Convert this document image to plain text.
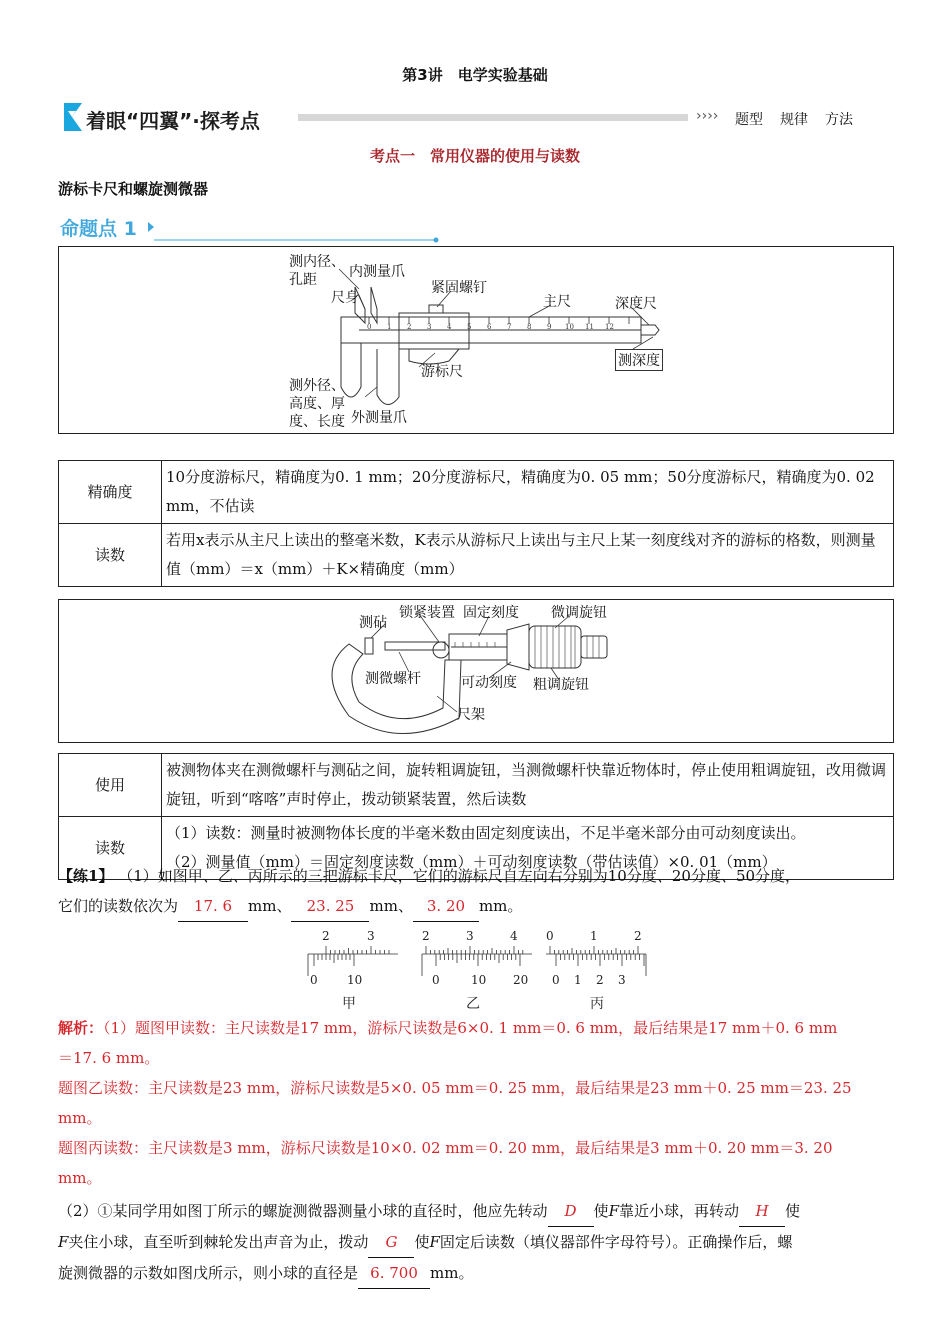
第3讲　电学实验基础
着眼“四翼”·探考点	›››› 题型 规律 方法
考点一　常用仪器的使用与读数
游标卡尺和螺旋测微器
命题点 1
0 1 2 3 4 5 6 7 8 9 10 11 12
测内径、
孔距 内测量爪
尺身
紧固螺钉
主尺	深度尺
游标尺
测深度
测外径、
高度、厚
度、长度 外测量爪
精确度	10分度游标尺，精确度为0. 1 mm；20分度游标尺，精确度为0. 05 mm；50分度游标尺，精确度为0. 02 mm，不估读
读数	若用x表示从主尺上读出的整毫米数，K表示从游标尺上读出与主尺上某一刻度线对齐的游标的格数，则测量值（mm）＝x（mm）＋K×精确度（mm）
测砧
锁紧装置 固定刻度 微调旋钮
测微螺杆	可动刻度 粗调旋钮
尺架
使用	被测物体夹在测微螺杆与测砧之间，旋转粗调旋钮，当测微螺杆快靠近物体时，停止使用粗调旋钮，改用微调旋钮，听到“喀喀”声时停止，拨动锁紧装置，然后读数
读数	（1）读数：测量时被测物体长度的半毫米数由固定刻度读出，不足半毫米部分由可动刻度读出。
（2）测量值（mm）＝固定刻度读数（mm）＋可动刻度读数（带估读值）×0. 01（mm）
【练1】 （1）如图甲、乙、丙所示的三把游标卡尺，它们的游标尺自左向右分别为10分度、20分度、50分度，
它们的读数依次为 17. 6 mm、 23. 25 mm、 3. 20 mm。
2	3
0 10
2	3	4
0	10 20
0	1	2
0 1 2 3
甲	乙	丙
解析：（1）题图甲读数：主尺读数是17 mm，游标尺读数是6×0. 1 mm＝0. 6 mm，最后结果是17 mm＋0. 6 mm
＝17. 6 mm。
题图乙读数：主尺读数是23 mm，游标尺读数是5×0. 05 mm＝0. 25 mm，最后结果是23 mm＋0. 25 mm＝23. 25
mm。
题图丙读数：主尺读数是3 mm，游标尺读数是10×0. 02 mm＝0. 20 mm，最后结果是3 mm＋0. 20 mm＝3. 20
mm。
（2）①某同学用如图丁所示的螺旋测微器测量小球的直径时，他应先转动 D 使F靠近小球，再转动 H 使
F夹住小球，直至听到棘轮发出声音为止，拨动 G 使F固定后读数（填仪器部件字母符号）。正确操作后，螺
旋测微器的示数如图戊所示，则小球的直径是 6. 700 mm。
